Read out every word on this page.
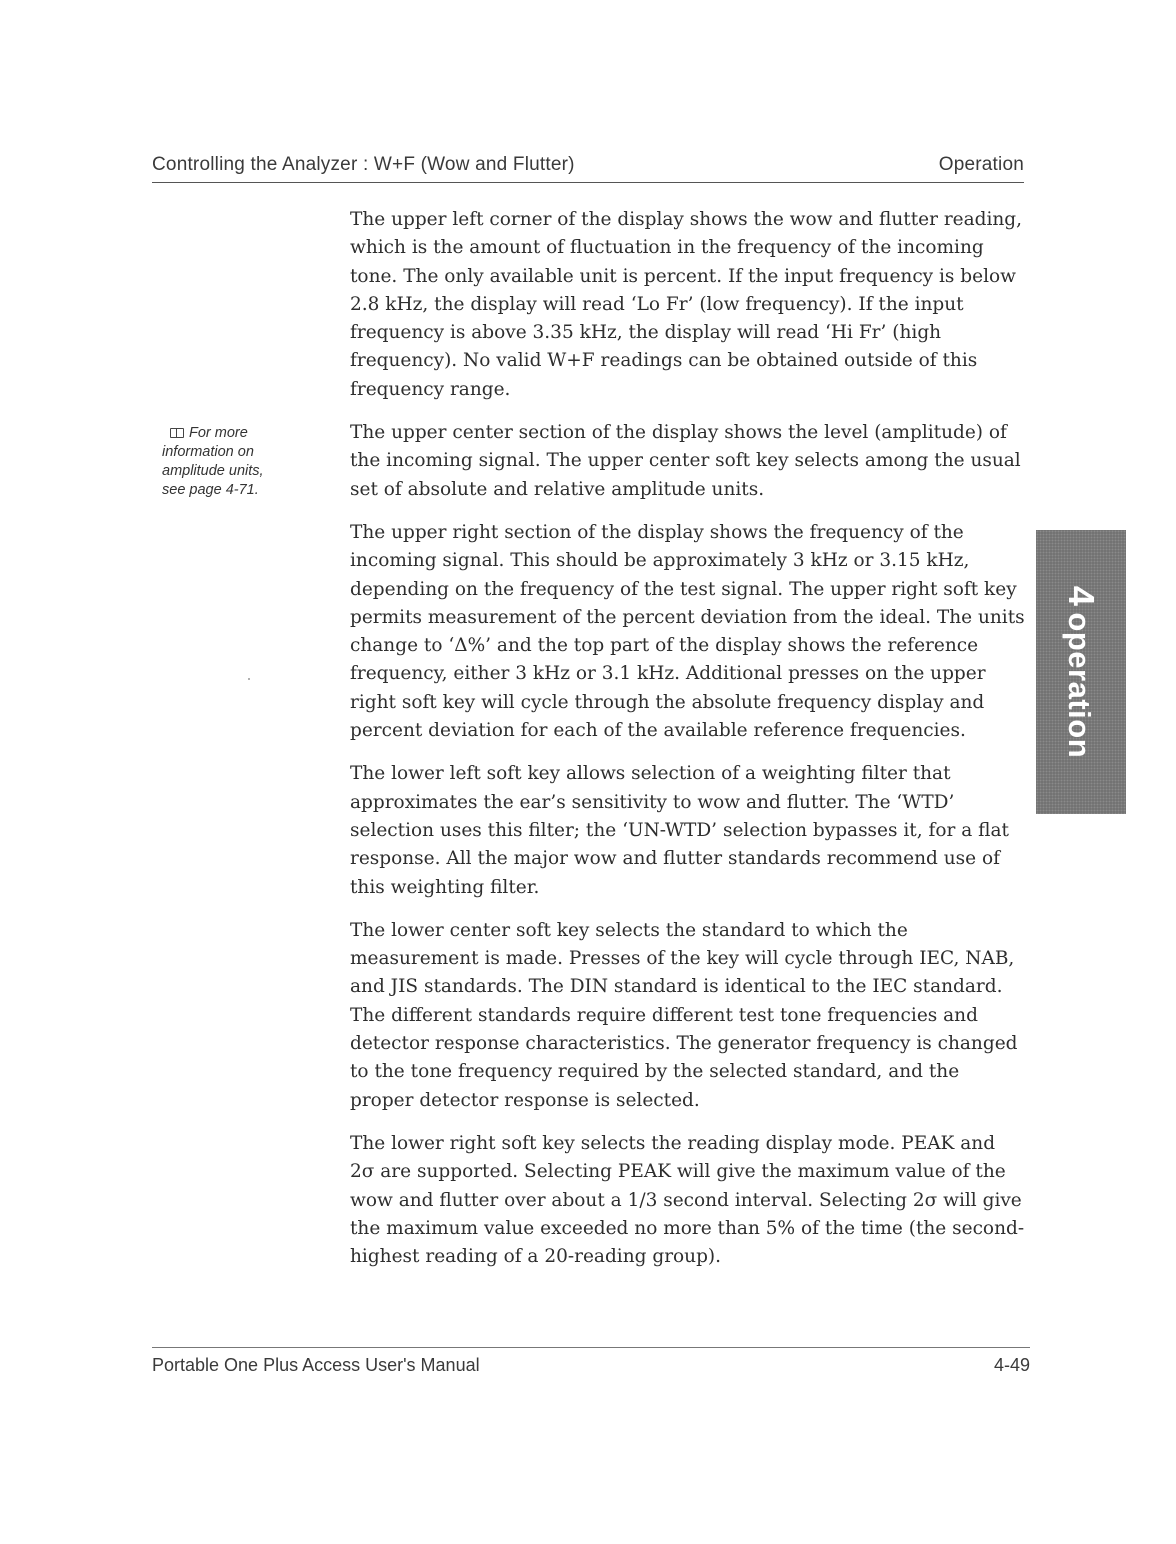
Controlling the Analyzer : W+F (Wow and Flutter)	Operation
For more
information on
amplitude units,
see page 4-71.

The upper left corner of the display shows the wow and flutter reading, which is the amount of fluctuation in the frequency of the incoming tone. The only available unit is percent. If the input frequency is below 2.8 kHz, the display will read ‘Lo Fr’ (low frequency). If the input frequency is above 3.35 kHz, the display will read ‘Hi Fr’ (high frequency). No valid W+F readings can be obtained outside of this frequency range.

The upper center section of the display shows the level (amplitude) of the incoming signal. The upper center soft key selects among the usual set of absolute and relative amplitude units.

The upper right section of the display shows the frequency of the incoming signal. This should be approximately 3 kHz or 3.15 kHz, depending on the frequency of the test signal. The upper right soft key permits measurement of the percent deviation from the ideal. The units change to ‘Δ%’ and the top part of the display shows the reference frequency, either 3 kHz or 3.1 kHz. Additional presses on the upper right soft key will cycle through the absolute frequency display and percent deviation for each of the available reference frequencies.

The lower left soft key allows selection of a weighting filter that approximates the ear’s sensitivity to wow and flutter. The ‘WTD’ selection uses this filter; the ‘UN-WTD’ selection bypasses it, for a flat response. All the major wow and flutter standards recommend use of this weighting filter.

The lower center soft key selects the standard to which the measurement is made. Presses of the key will cycle through IEC, NAB, and JIS standards. The DIN standard is identical to the IEC standard. The different standards require different test tone frequencies and detector response characteristics. The generator frequency is changed to the tone frequency required by the selected standard, and the proper detector response is selected.

The lower right soft key selects the reading display mode. PEAK and 2σ are supported. Selecting PEAK will give the maximum value of the wow and flutter over about a 1/3 second interval. Selecting 2σ will give the maximum value exceeded no more than 5% of the time (the second-highest reading of a 20-reading group).

4operation
Portable One Plus Access User's Manual	4-49
